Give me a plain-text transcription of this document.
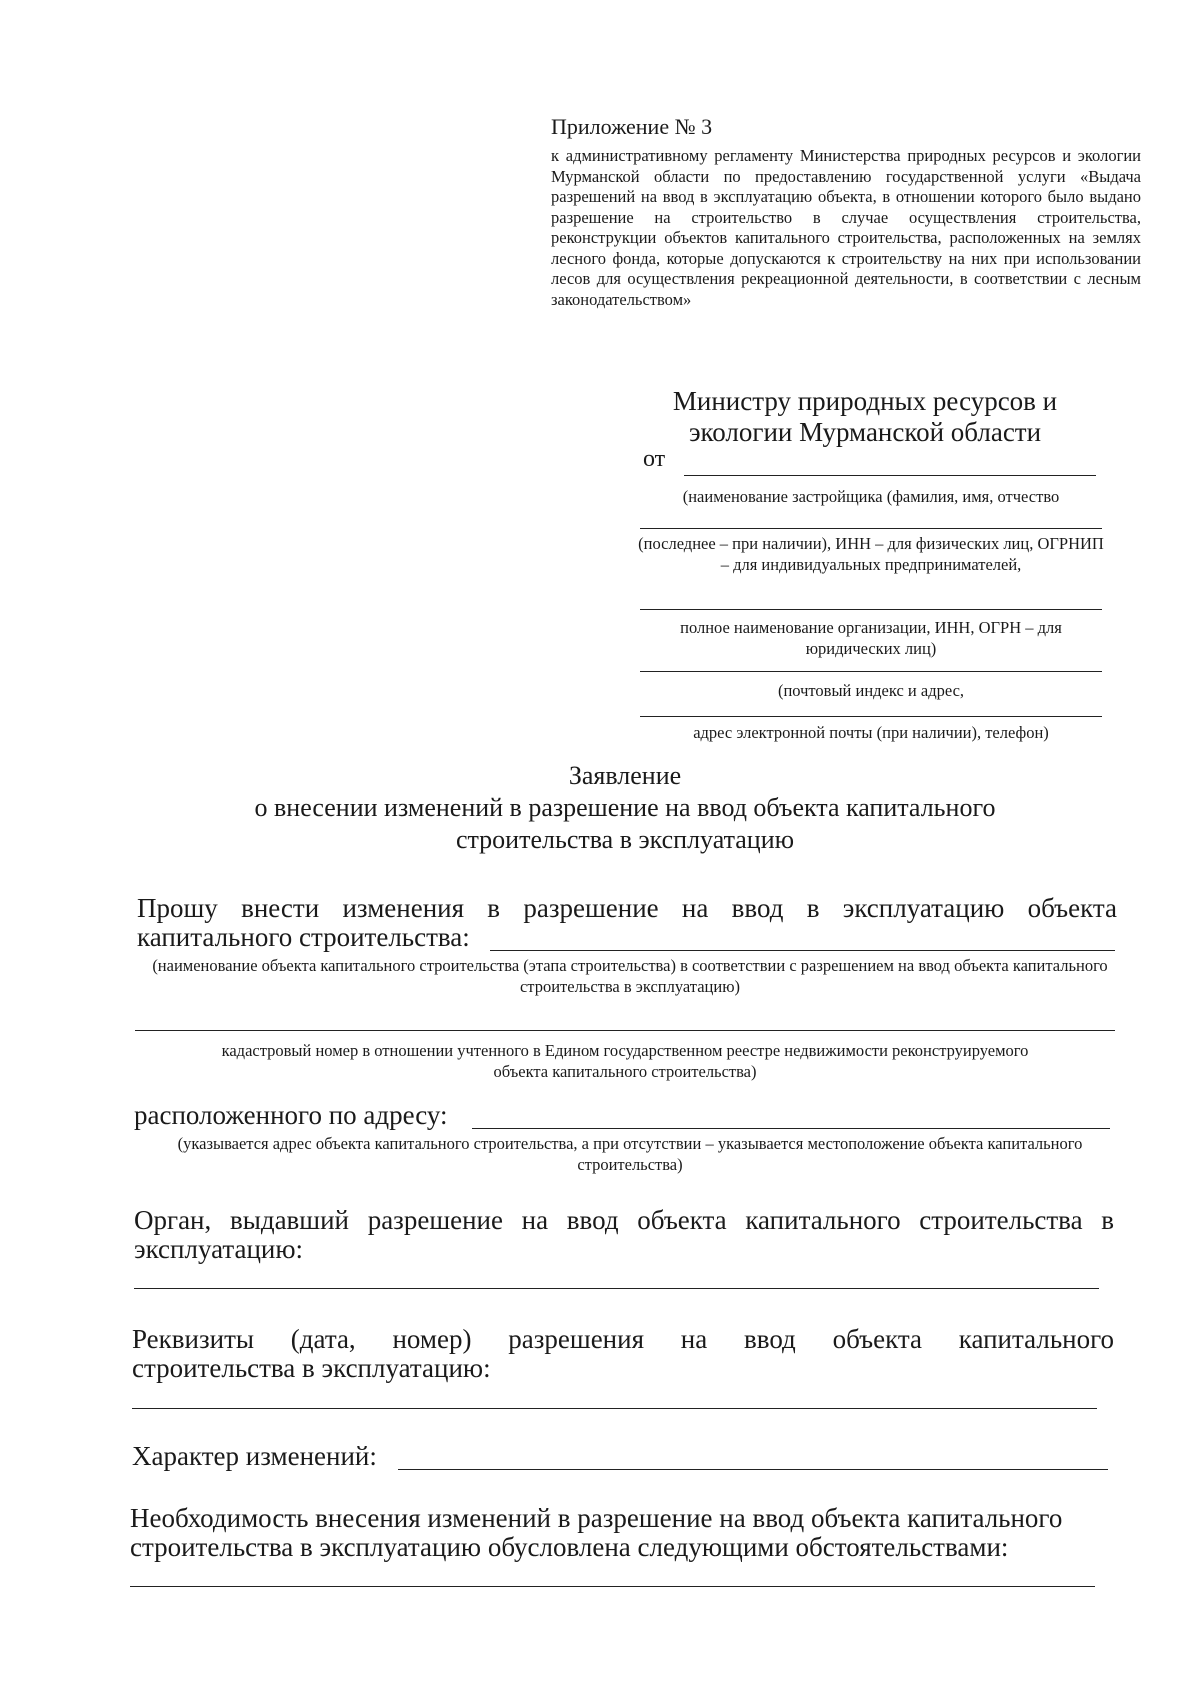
Приложение № 3
к административному регламенту Министерства природных ресурсов и экологии Мурманской области по предоставлению государственной услуги «Выдача разрешений на ввод в эксплуатацию объекта, в отношении которого было выдано разрешение на строительство в случае осуществления строительства, реконструкции объектов капитального строительства, расположенных на землях лесного фонда, которые допускаются к строительству на них при использовании лесов для осуществления рекреационной деятельности, в соответствии с лесным законодательством»
Министру природных ресурсов и
экологии Мурманской области
от
(наименование застройщика (фамилия, имя, отчество
(последнее – при наличии), ИНН – для физических лиц, ОГРНИП – для индивидуальных предпринимателей,
полное наименование организации, ИНН, ОГРН – для юридических лиц)
(почтовый индекс и адрес,
адрес электронной почты (при наличии), телефон)
Заявление
о внесении изменений в разрешение на ввод объекта капитального
строительства в эксплуатацию
Прошу внести изменения в разрешение на ввод в эксплуатацию объекта
капитального строительства:
(наименование объекта капитального строительства (этапа строительства) в соответствии с разрешением на ввод объекта капитального строительства в эксплуатацию)
кадастровый номер в отношении учтенного в Едином государственном реестре недвижимости реконструируемого объекта капитального строительства)
расположенного по адресу:
(указывается адрес объекта капитального строительства, а при отсутствии – указывается местоположение объекта капитального строительства)
Орган, выдавший разрешение на ввод объекта капитального строительства в
эксплуатацию:
Реквизиты (дата, номер) разрешения на ввод объекта капитального
строительства в эксплуатацию:
Характер изменений:
Необходимость внесения изменений в разрешение на ввод объекта капитального
строительства в эксплуатацию обусловлена следующими обстоятельствами:
